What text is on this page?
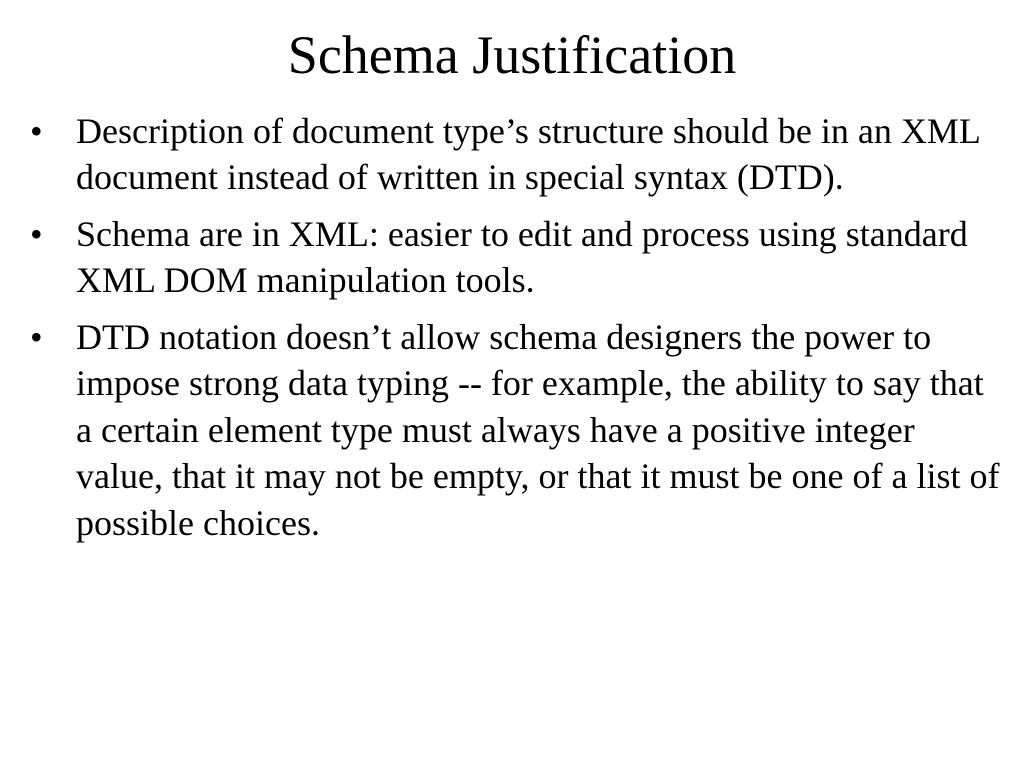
Schema Justification
• Description of document type’s structure should be in an XML document instead of written in special syntax (DTD).
• Schema are in XML: easier to edit and process using standard XML DOM manipulation tools.
• DTD notation doesn’t allow schema designers the power to impose strong data typing -- for example, the ability to say that a certain element type must always have a positive integer value, that it may not be empty, or that it must be one of a list of possible choices.
